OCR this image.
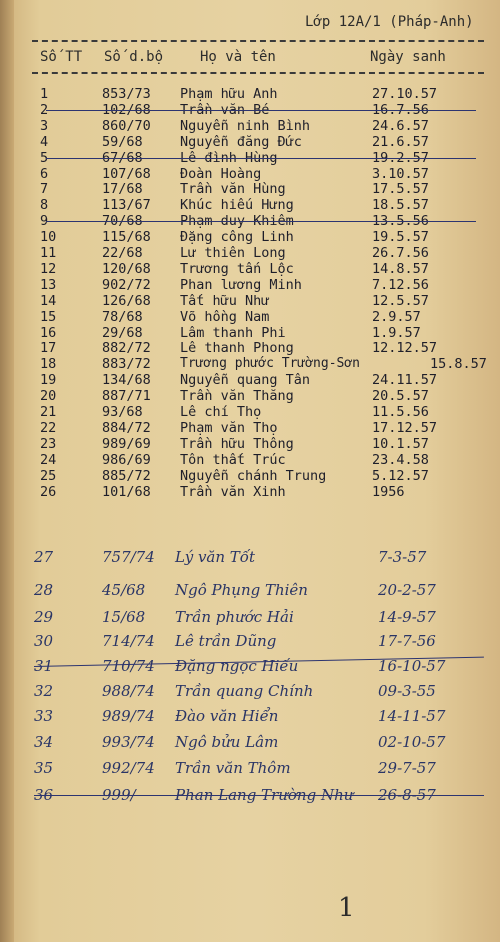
Lớp 12A/1 (Pháp-Anh)
Số TT Số d.bộ	Họ và tên	Ngày sanh
1	853/73 Phạm hữu Anh	27.10.57
2	102/68 Trần văn Bé	16.7.56
3	860/70 Nguyễn ninh Bình	24.6.57
4	59/68	Nguyễn đăng Đức	21.6.57
5	67/68	Lê đình Hùng	19.2.57
6	107/68 Đoàn Hoàng	3.10.57
7	17/68	Trần văn Hùng	17.5.57
8	113/67 Khúc hiếu Hưng	18.5.57
9	70/68	Phạm duy Khiêm	13.5.56
10	115/68 Đặng công Linh	19.5.57
11	22/68	Lư thiên Long	26.7.56
12	120/68 Trương tấn Lộc	14.8.57
13	902/72 Phan lương Minh	7.12.56
14	126/68 Tất hữu Như	12.5.57
15	78/68	Võ hồng Nam	2.9.57
16	29/68	Lâm thanh Phi	1.9.57
17	882/72 Lê thanh Phong	12.12.57
18	883/72 Trương phước Trường-Sơn	15.8.57
19	134/68 Nguyễn quang Tân	24.11.57
20	887/71 Trần văn Thăng	20.5.57
21	93/68	Lê chí Thọ	11.5.56
22	884/72 Phạm văn Thọ	17.12.57
23	989/69 Trần hữu Thông	10.1.57
24	986/69 Tôn thất Trúc	23.4.58
25	885/72 Nguyễn chánh Trung	5.12.57
26	101/68 Trần văn Xinh	1956
27	757/74 Lý văn Tốt	7-3-57
28	45/68 Ngô Phụng Thiên	20-2-57
29	15/68 Trần phước Hải	14-9-57
30	714/74 Lê trần Dũng	17-7-56
31	710/74 Đặng ngọc Hiếu	16-10-57
32	988/74 Trần quang Chính	09-3-55
33	989/74 Đào văn Hiển	14-11-57
34	993/74 Ngô bửu Lâm	02-10-57
35	992/74 Trần văn Thôm	29-7-57
36	999/	Phan Lang Trường Như 26-8-57
1
